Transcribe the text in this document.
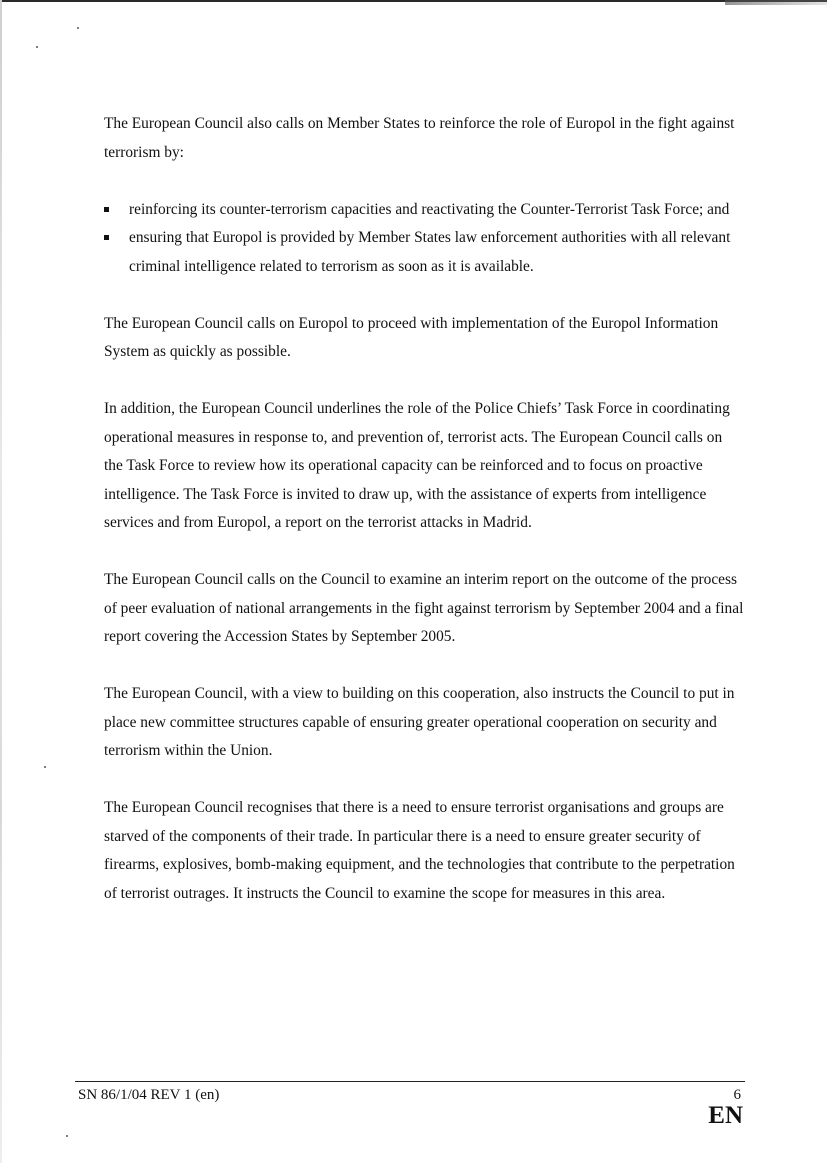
The European Council also calls on Member States to reinforce the role of Europol in the fight against terrorism by:

reinforcing its counter-terrorism capacities and reactivating the Counter-Terrorist Task Force; and
ensuring that Europol is provided by Member States law enforcement authorities with all relevant criminal intelligence related to terrorism as soon as it is available.

The European Council calls on Europol to proceed with implementation of the Europol Information System as quickly as possible.

In addition, the European Council underlines the role of the Police Chiefs’ Task Force in coordinating operational measures in response to, and prevention of, terrorist acts. The European Council calls on the Task Force to review how its operational capacity can be reinforced and to focus on proactive intelligence. The Task Force is invited to draw up, with the assistance of experts from intelligence services and from Europol, a report on the terrorist attacks in Madrid.

The European Council calls on the Council to examine an interim report on the outcome of the process of peer evaluation of national arrangements in the fight against terrorism by September 2004 and a final report covering the Accession States by September 2005.

The European Council, with a view to building on this cooperation, also instructs the Council to put in place new committee structures capable of ensuring greater operational cooperation on security and terrorism within the Union.

The European Council recognises that there is a need to ensure terrorist organisations and groups are starved of the components of their trade. In particular there is a need to ensure greater security of firearms, explosives, bomb-making equipment, and the technologies that contribute to the perpetration of terrorist outrages. It instructs the Council to examine the scope for measures in this area.

SN 86/1/04 REV 1 (en)	6
EN
